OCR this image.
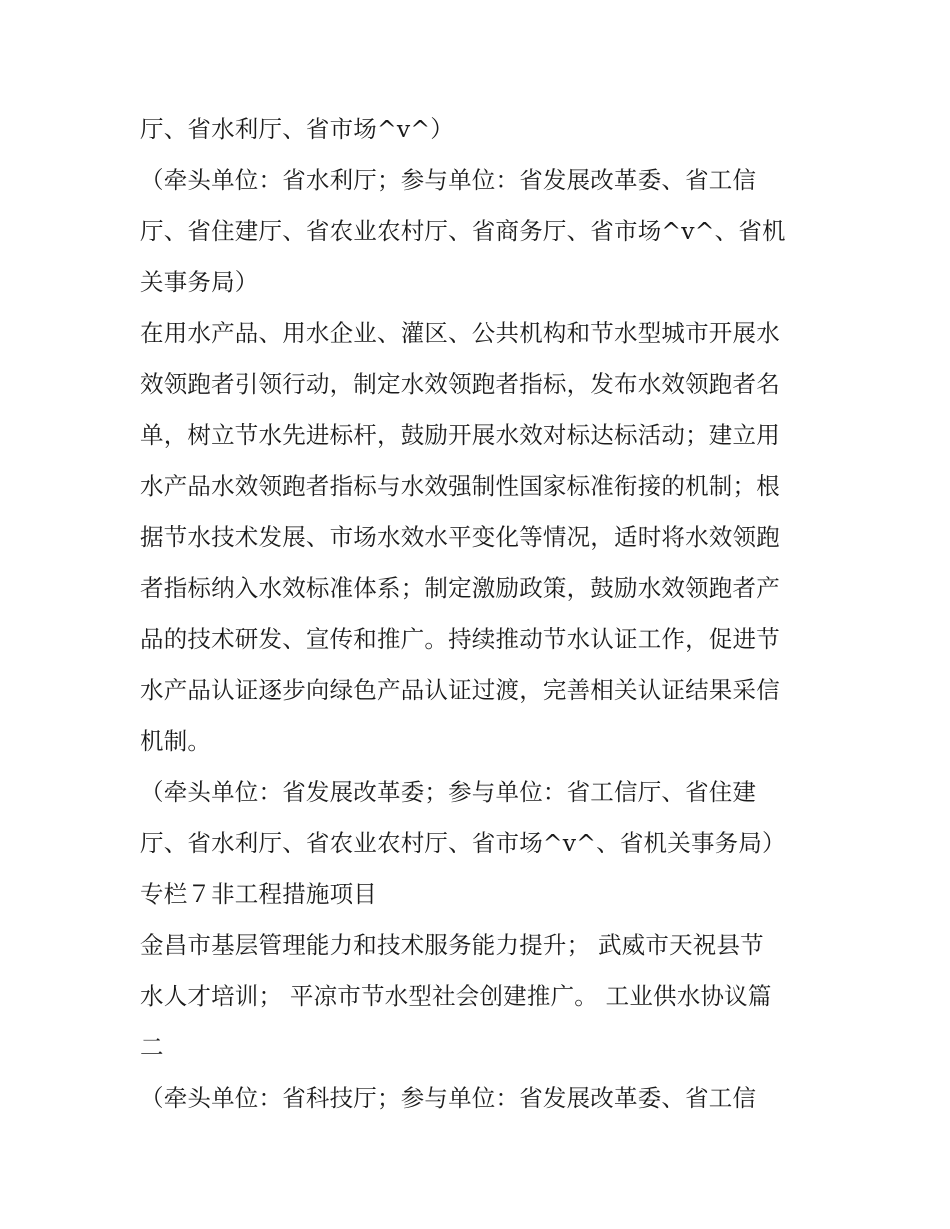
厅、省水利厅、省市场^v^）
（牵头单位：省水利厅；参与单位：省发展改革委、省工信
厅、省住建厅、省农业农村厅、省商务厅、省市场^v^、省机
关事务局）
在用水产品、用水企业、灌区、公共机构和节水型城市开展水
效领跑者引领行动，制定水效领跑者指标，发布水效领跑者名
单，树立节水先进标杆，鼓励开展水效对标达标活动；建立用
水产品水效领跑者指标与水效强制性国家标准衔接的机制；根
据节水技术发展、市场水效水平变化等情况，适时将水效领跑
者指标纳入水效标准体系；制定激励政策，鼓励水效领跑者产
品的技术研发、宣传和推广。持续推动节水认证工作，促进节
水产品认证逐步向绿色产品认证过渡，完善相关认证结果采信
机制。
（牵头单位：省发展改革委；参与单位：省工信厅、省住建
厅、省水利厅、省农业农村厅、省市场^v^、省机关事务局）
专栏７非工程措施项目
金昌市基层管理能力和技术服务能力提升； 武威市天祝县节
水人才培训； 平凉市节水型社会创建推广。 工业供水协议篇
二
（牵头单位：省科技厅；参与单位：省发展改革委、省工信
